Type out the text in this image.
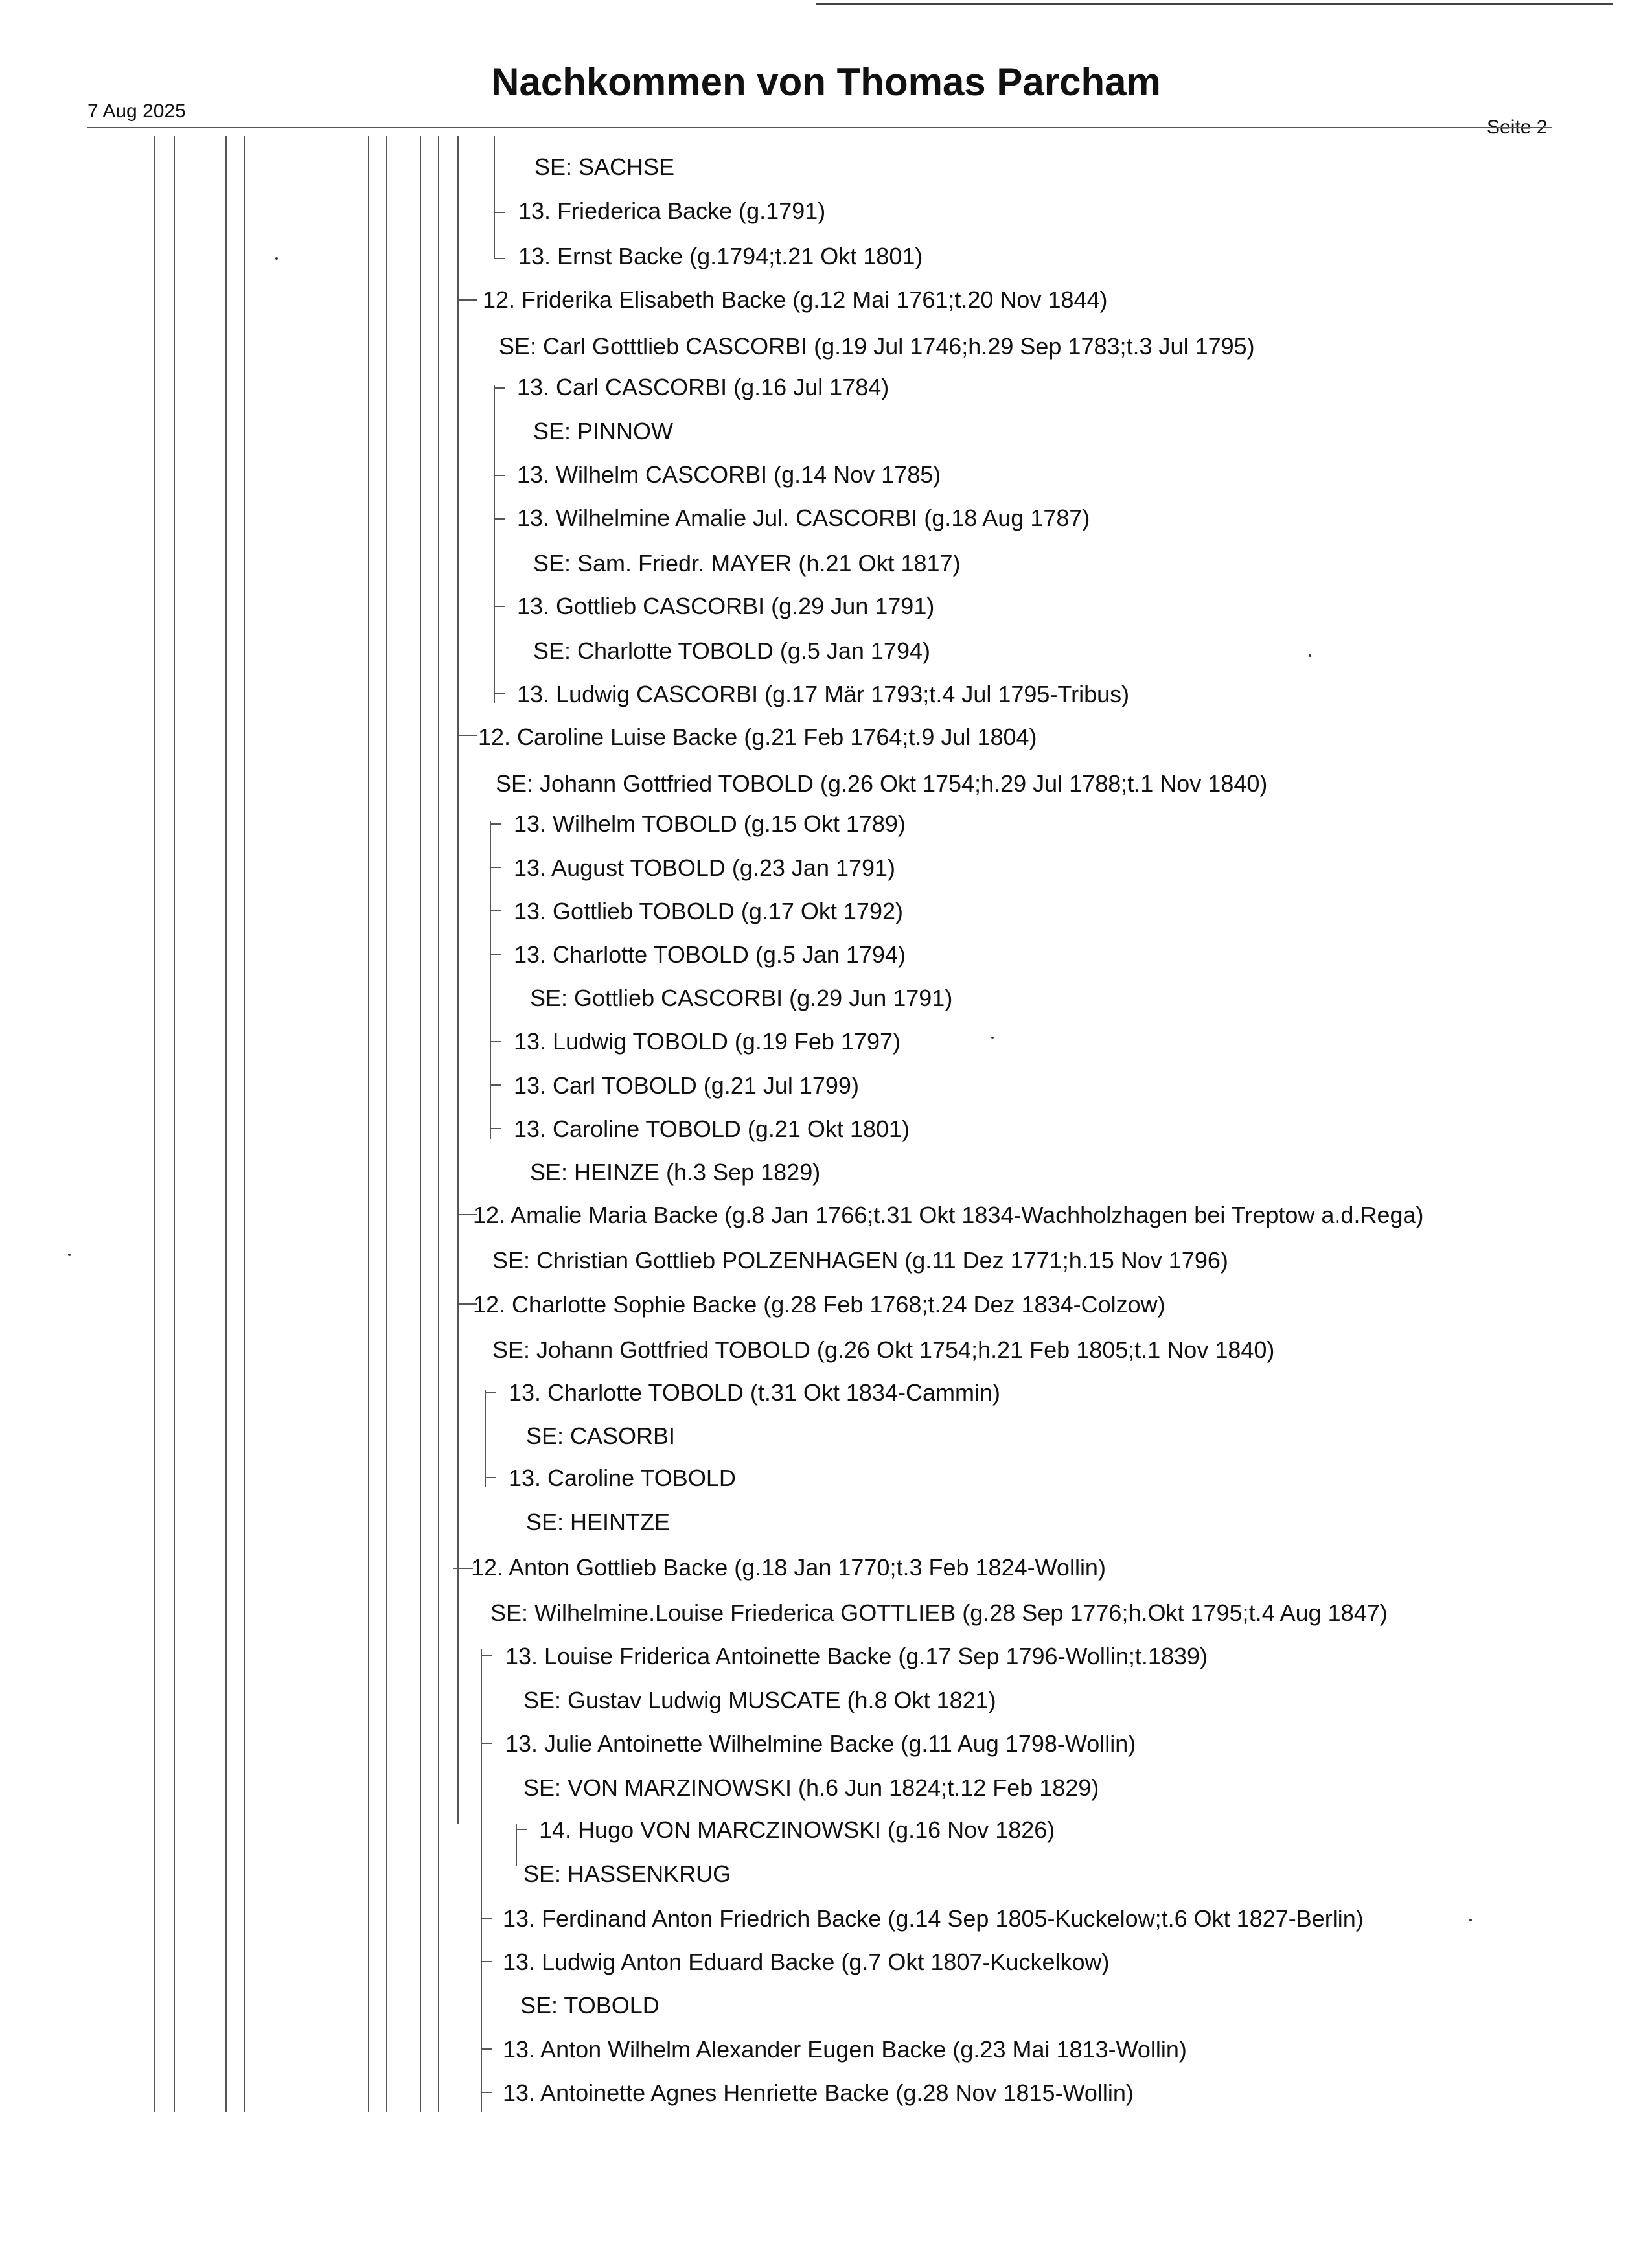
Nachkommen von Thomas Parcham
7 Aug 2025
Seite 2
SE: SACHSE
13. Friederica Backe (g.1791)
13. Ernst Backe (g.1794;t.21 Okt 1801)
12. Friderika Elisabeth Backe (g.12 Mai 1761;t.20 Nov 1844)
SE: Carl Gotttlieb CASCORBI (g.19 Jul 1746;h.29 Sep 1783;t.3 Jul 1795)
13. Carl CASCORBI (g.16 Jul 1784)
SE: PINNOW
13. Wilhelm CASCORBI (g.14 Nov 1785)
13. Wilhelmine Amalie Jul. CASCORBI (g.18 Aug 1787)
SE: Sam. Friedr. MAYER (h.21 Okt 1817)
13. Gottlieb CASCORBI (g.29 Jun 1791)
SE: Charlotte TOBOLD (g.5 Jan 1794)
13. Ludwig CASCORBI (g.17 Mär 1793;t.4 Jul 1795-Tribus)
12. Caroline Luise Backe (g.21 Feb 1764;t.9 Jul 1804)
SE: Johann Gottfried TOBOLD (g.26 Okt 1754;h.29 Jul 1788;t.1 Nov 1840)
13. Wilhelm TOBOLD (g.15 Okt 1789)
13. August TOBOLD (g.23 Jan 1791)
13. Gottlieb TOBOLD (g.17 Okt 1792)
13. Charlotte TOBOLD (g.5 Jan 1794)
SE: Gottlieb CASCORBI (g.29 Jun 1791)
13. Ludwig TOBOLD (g.19 Feb 1797)
13. Carl TOBOLD (g.21 Jul 1799)
13. Caroline TOBOLD (g.21 Okt 1801)
SE: HEINZE (h.3 Sep 1829)
12. Amalie Maria Backe (g.8 Jan 1766;t.31 Okt 1834-Wachholzhagen bei Treptow a.d.Rega)
SE: Christian Gottlieb POLZENHAGEN (g.11 Dez 1771;h.15 Nov 1796)
12. Charlotte Sophie Backe (g.28 Feb 1768;t.24 Dez 1834-Colzow)
SE: Johann Gottfried TOBOLD (g.26 Okt 1754;h.21 Feb 1805;t.1 Nov 1840)
13. Charlotte TOBOLD (t.31 Okt 1834-Cammin)
SE: CASORBI
13. Caroline TOBOLD
SE: HEINTZE
12. Anton Gottlieb Backe (g.18 Jan 1770;t.3 Feb 1824-Wollin)
SE: Wilhelmine.Louise Friederica GOTTLIEB (g.28 Sep 1776;h.Okt 1795;t.4 Aug 1847)
13. Louise Friderica Antoinette Backe (g.17 Sep 1796-Wollin;t.1839)
SE: Gustav Ludwig MUSCATE (h.8 Okt 1821)
13. Julie Antoinette Wilhelmine Backe (g.11 Aug 1798-Wollin)
SE: VON MARZINOWSKI (h.6 Jun 1824;t.12 Feb 1829)
14. Hugo VON MARCZINOWSKI (g.16 Nov 1826)
SE: HASSENKRUG
13. Ferdinand Anton Friedrich Backe (g.14 Sep 1805-Kuckelow;t.6 Okt 1827-Berlin)
13. Ludwig Anton Eduard Backe (g.7 Okt 1807-Kuckelkow)
SE: TOBOLD
13. Anton Wilhelm Alexander Eugen Backe (g.23 Mai 1813-Wollin)
13. Antoinette Agnes Henriette Backe (g.28 Nov 1815-Wollin)
